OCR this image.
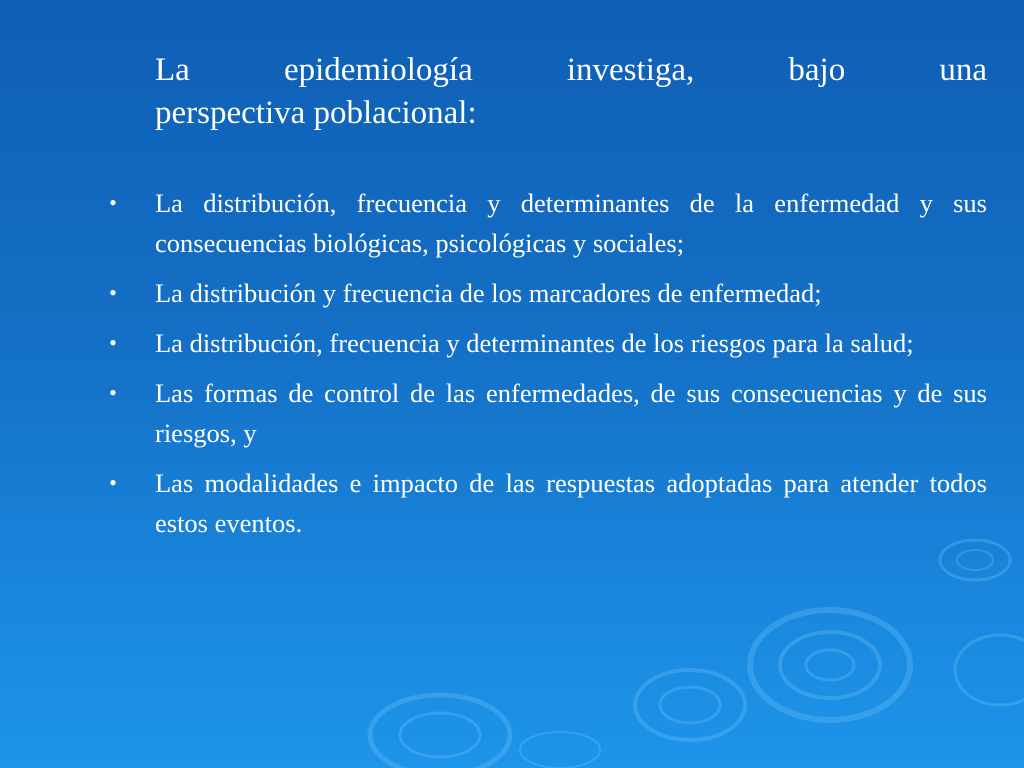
La epidemiología investiga, bajo una
perspectiva poblacional:

• La distribución, frecuencia y determinantes de la enfermedad y sus consecuencias biológicas, psicológicas y sociales;
• La distribución y frecuencia de los marcadores de enfermedad;
• La distribución, frecuencia y determinantes de los riesgos para la salud;
• Las formas de control de las enfermedades, de sus consecuencias y de sus riesgos, y
• Las modalidades e impacto de las respuestas adoptadas para atender todos estos eventos.
